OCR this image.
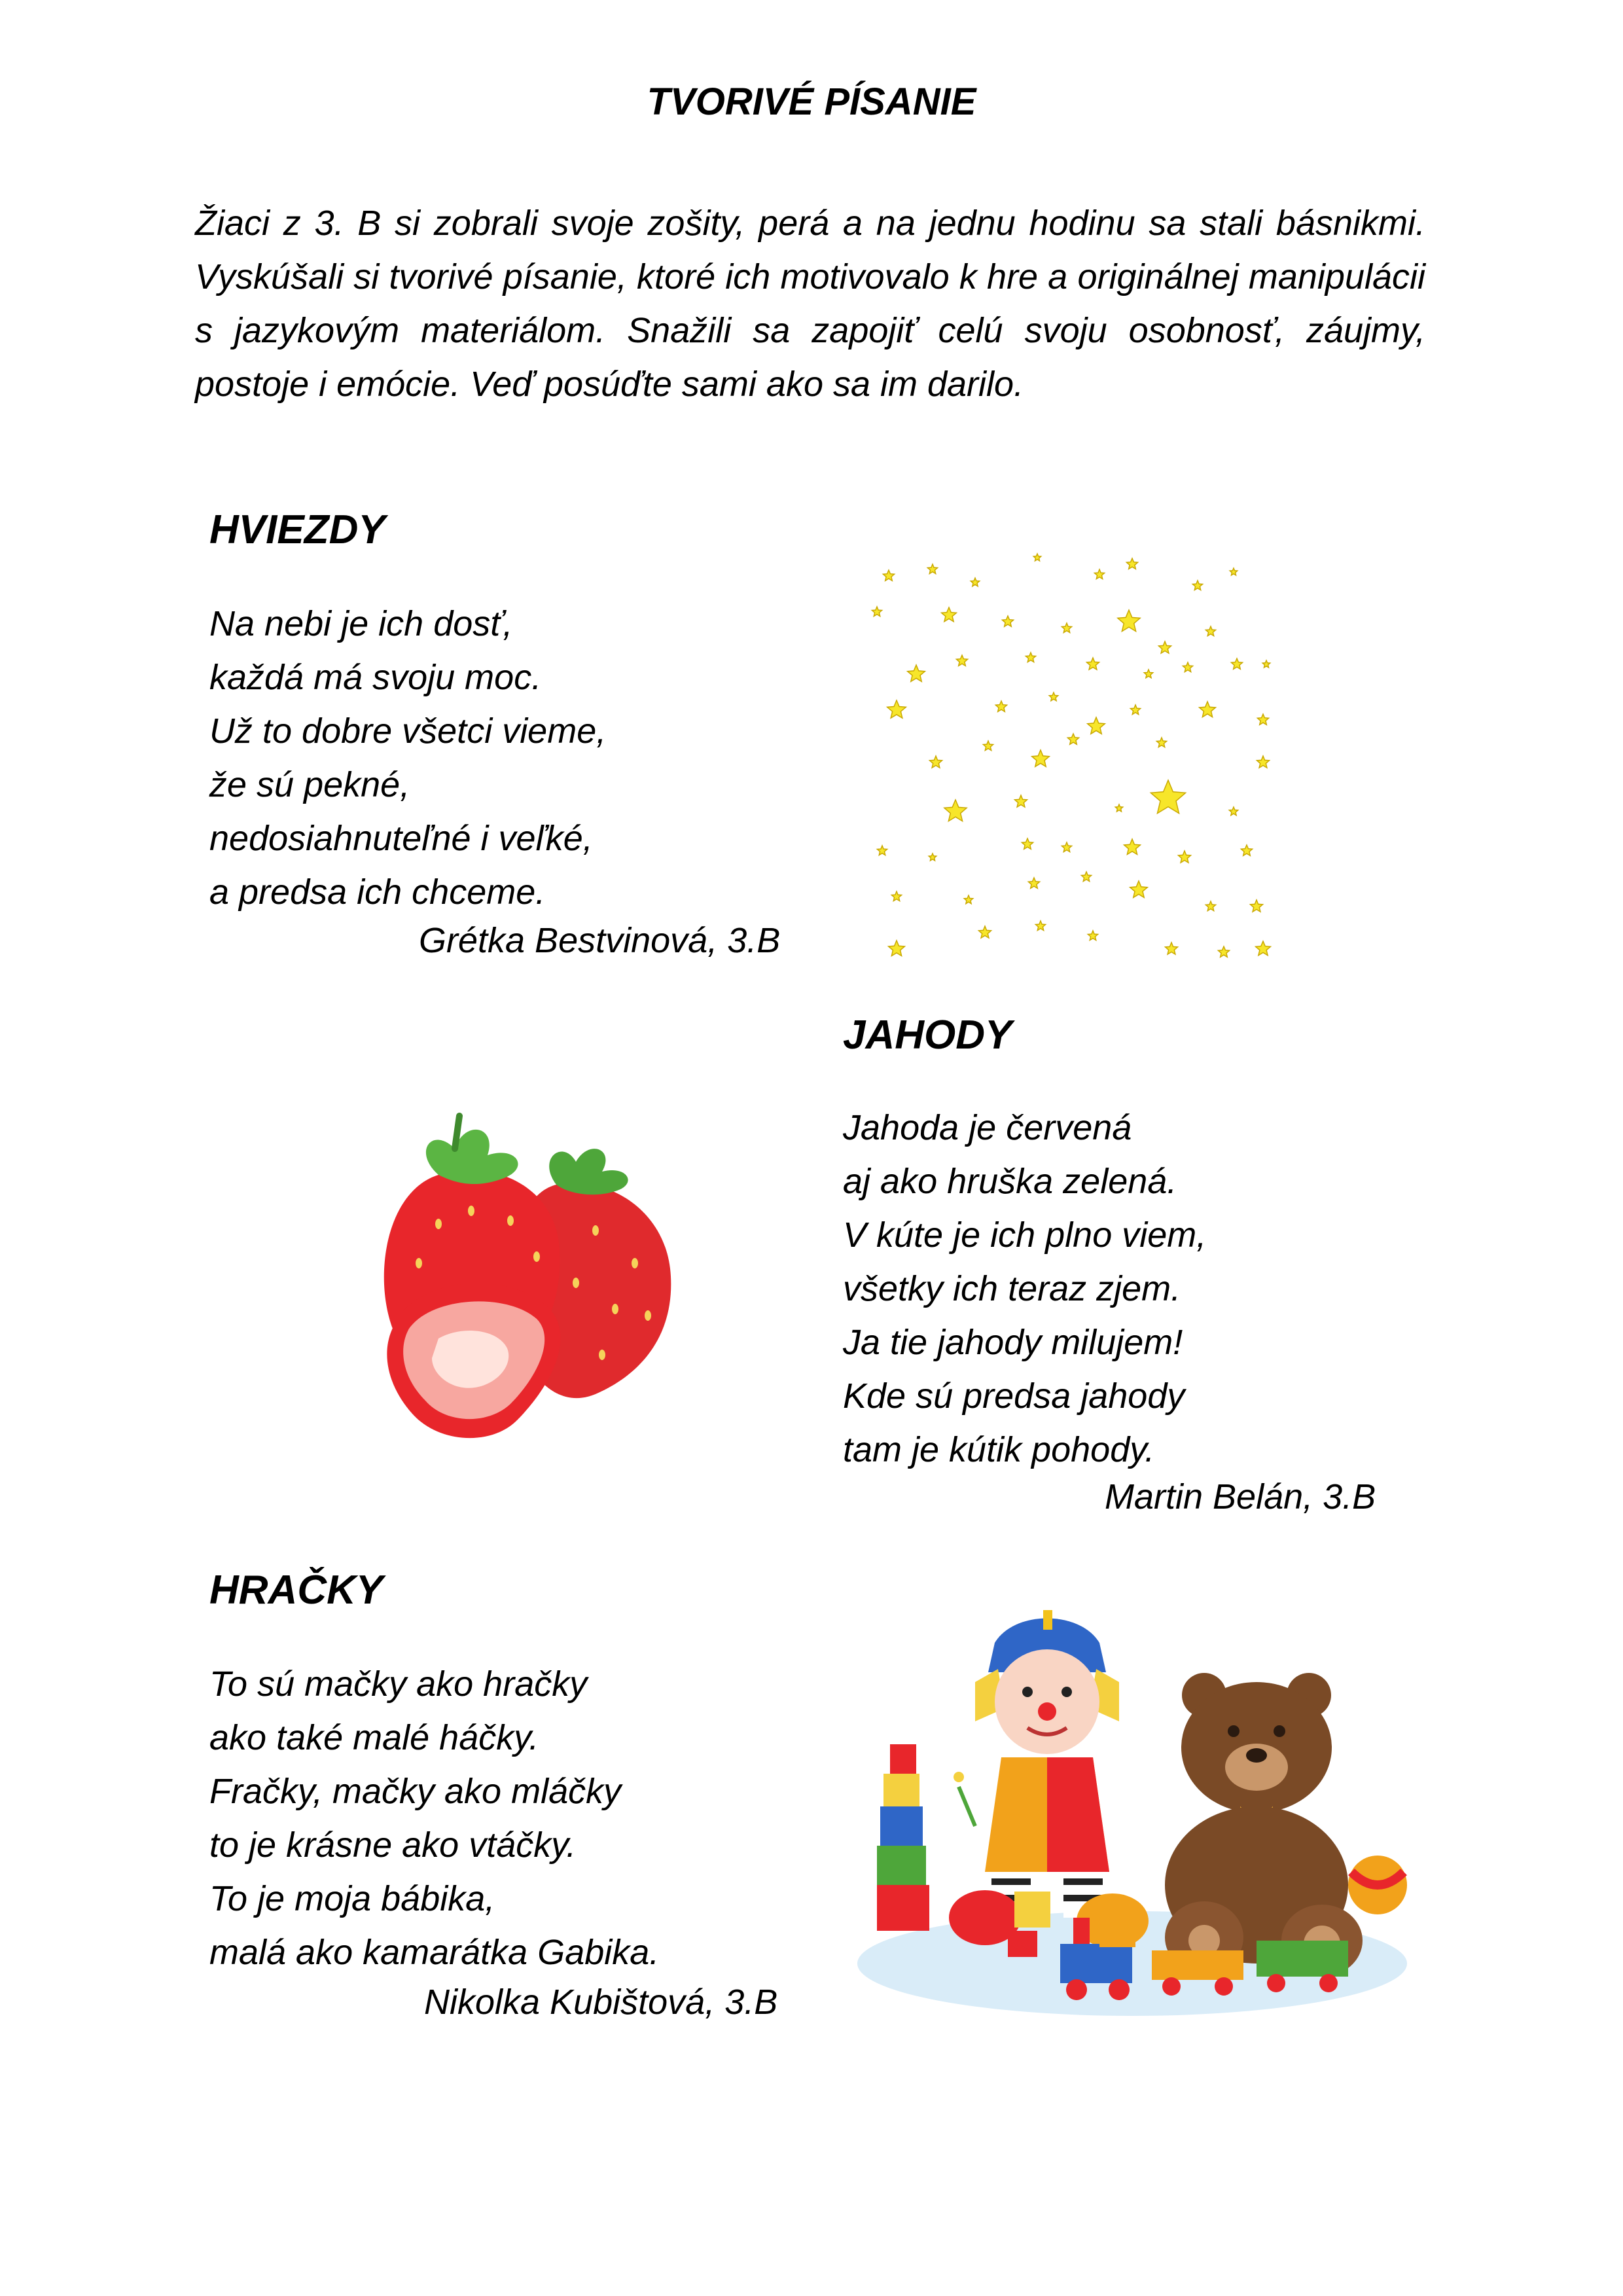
TVORIVÉ PÍSANIE

Žiaci z 3. B si zobrali svoje zošity, perá a na jednu hodinu sa stali básnikmi. Vyskúšali si tvorivé písanie, ktoré ich motivovalo k hre a originálnej manipulácii s jazykovým materiálom. Snažili sa zapojiť celú svoju osobnosť, záujmy, postoje i emócie. Veď posúďte sami ako sa im darilo.

HVIEZDY
Na nebi je ich dosť,
každá má svoju moc.
Už to dobre všetci vieme,
že sú pekné,
nedosiahnuteľné i veľké,
a predsa ich chceme.

Grétka Bestvinová, 3.B

JAHODY
Jahoda je červená
aj ako hruška zelená.
V kúte je ich plno viem,
všetky ich teraz zjem.
Ja tie jahody milujem!
Kde sú predsa jahody
tam je kútik pohody.

Martin Belán, 3.B

HRAČKY
To sú mačky ako hračky
ako také malé háčky.
Fračky, mačky ako mláčky
to je krásne ako vtáčky.
To je moja bábika,
malá ako kamarátka Gabika.

Nikolka Kubištová, 3.B
